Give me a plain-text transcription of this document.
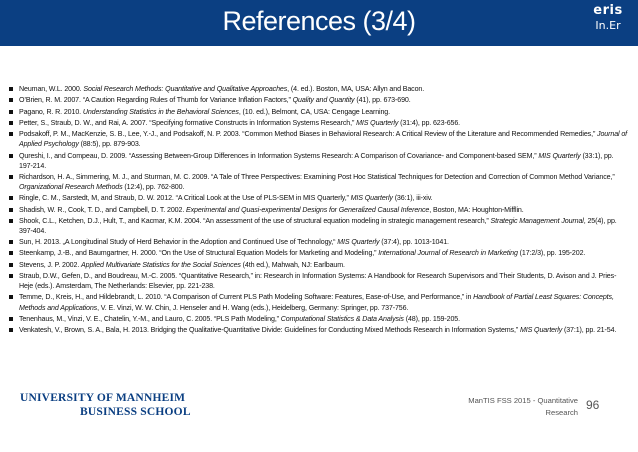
References (3/4)	eris
In.Er
Neuman, W.L. 2000. Social Research Methods: Quantitative and Qualitative Approaches, (4. ed.). Boston, MA, USA: Allyn and Bacon.
O’Brien, R. M. 2007. “A Caution Regarding Rules of Thumb for Variance Inflation Factors,” Quality and Quantity (41), pp. 673-690.
Pagano, R. R. 2010. Understanding Statistics in the Behavioral Sciences, (10. ed.), Belmont, CA, USA: Cengage Learning.
Petter, S., Straub, D. W., and Rai, A. 2007. “Specifying formative Constructs in Information Systems Research,” MIS Quarterly (31:4), pp. 623-656.
Podsakoff, P. M., MacKenzie, S. B., Lee, Y.-J., and Podsakoff, N. P. 2003. “Common Method Biases in Behavioral Research: A Critical Review of the Literature and Recommended Remedies,” Journal of Applied Psychology (88:5), pp. 879-903.
Qureshi, I., and Compeau, D. 2009. “Assessing Between-Group Differences in Information Systems Research: A Comparison of Covariance- and Component-based SEM,” MIS Quarterly (33:1), pp. 197-214.
Richardson, H. A., Simmering, M. J., and Sturman, M. C. 2009. “A Tale of Three Perspectives: Examining Post Hoc Statistical Techniques for Detection and Correction of Common Method Variance,” Organizational Research Methods (12:4), pp. 762-800.
Ringle, C. M., Sarstedt, M, and Straub, D. W. 2012. “A Critical Look at the Use of PLS-SEM in MIS Quarterly,” MIS Quarterly (36:1), iii-xiv.
Shadish, W. R., Cook, T. D., and Campbell, D. T. 2002. Experimental and Quasi-experimental Designs for Generalized Causal Inference, Boston, MA: Houghton-Mifflin.
Shook, C.L., Ketchen, D.J., Hult, T., and Kacmar, K.M. 2004. “An assessment of the use of structural equation modeling in strategic management research,” Strategic Management Journal, 25(4), pp. 397-404.
Sun, H. 2013. „A Longitudinal Study of Herd Behavior in the Adoption and Continued Use of Technology,“ MIS Quarterly (37:4), pp. 1013-1041.
Steenkamp, J.-B., and Baumgartner, H. 2000. “On the Use of Structural Equation Models for Marketing and Modeling,” International Journal of Research in Marketing (17:2/3), pp. 195-202.
Stevens, J. P. 2002. Applied Multivariate Statistics for the Social Sciences (4th ed.), Mahwah, NJ: Earlbaum.
Straub, D.W., Gefen, D., and Boudreau, M.-C. 2005. “Quantitative Research,” in: Research in Information Systems: A Handbook for Research Supervisors and Their Students, D. Avison and J. Pries-Heje (eds.). Amsterdam, The Netherlands: Elsevier, pp. 221-238.
Temme, D., Kreis, H., and Hildebrandt, L. 2010. “A Comparison of Current PLS Path Modeling Software: Features, Ease-of-Use, and Performance,” in Handbook of Partial Least Squares: Concepts, Methods and Applications, V. E. Vinzi, W. W. Chin, J. Henseler and H. Wang (eds.), Heidelberg, Germany: Springer, pp. 737-756.
Tenenhaus, M., Vinzi, V. E., Chatelin, Y.-M., and Lauro, C. 2005. “PLS Path Modeling,” Computational Statistics & Data Analysis (48), pp. 159-205.
Venkatesh, V., Brown, S. A., Bala, H. 2013. Bridging the Qualitative-Quantitative Divide: Guidelines for Conducting Mixed Methods Research in Information Systems,” MIS Quarterly (37:1), pp. 21-54.
UNIVERSITY OF MANNHEIM
BUSINESS SCHOOL
ManTIS FSS 2015 - Quantitative
Research
96
